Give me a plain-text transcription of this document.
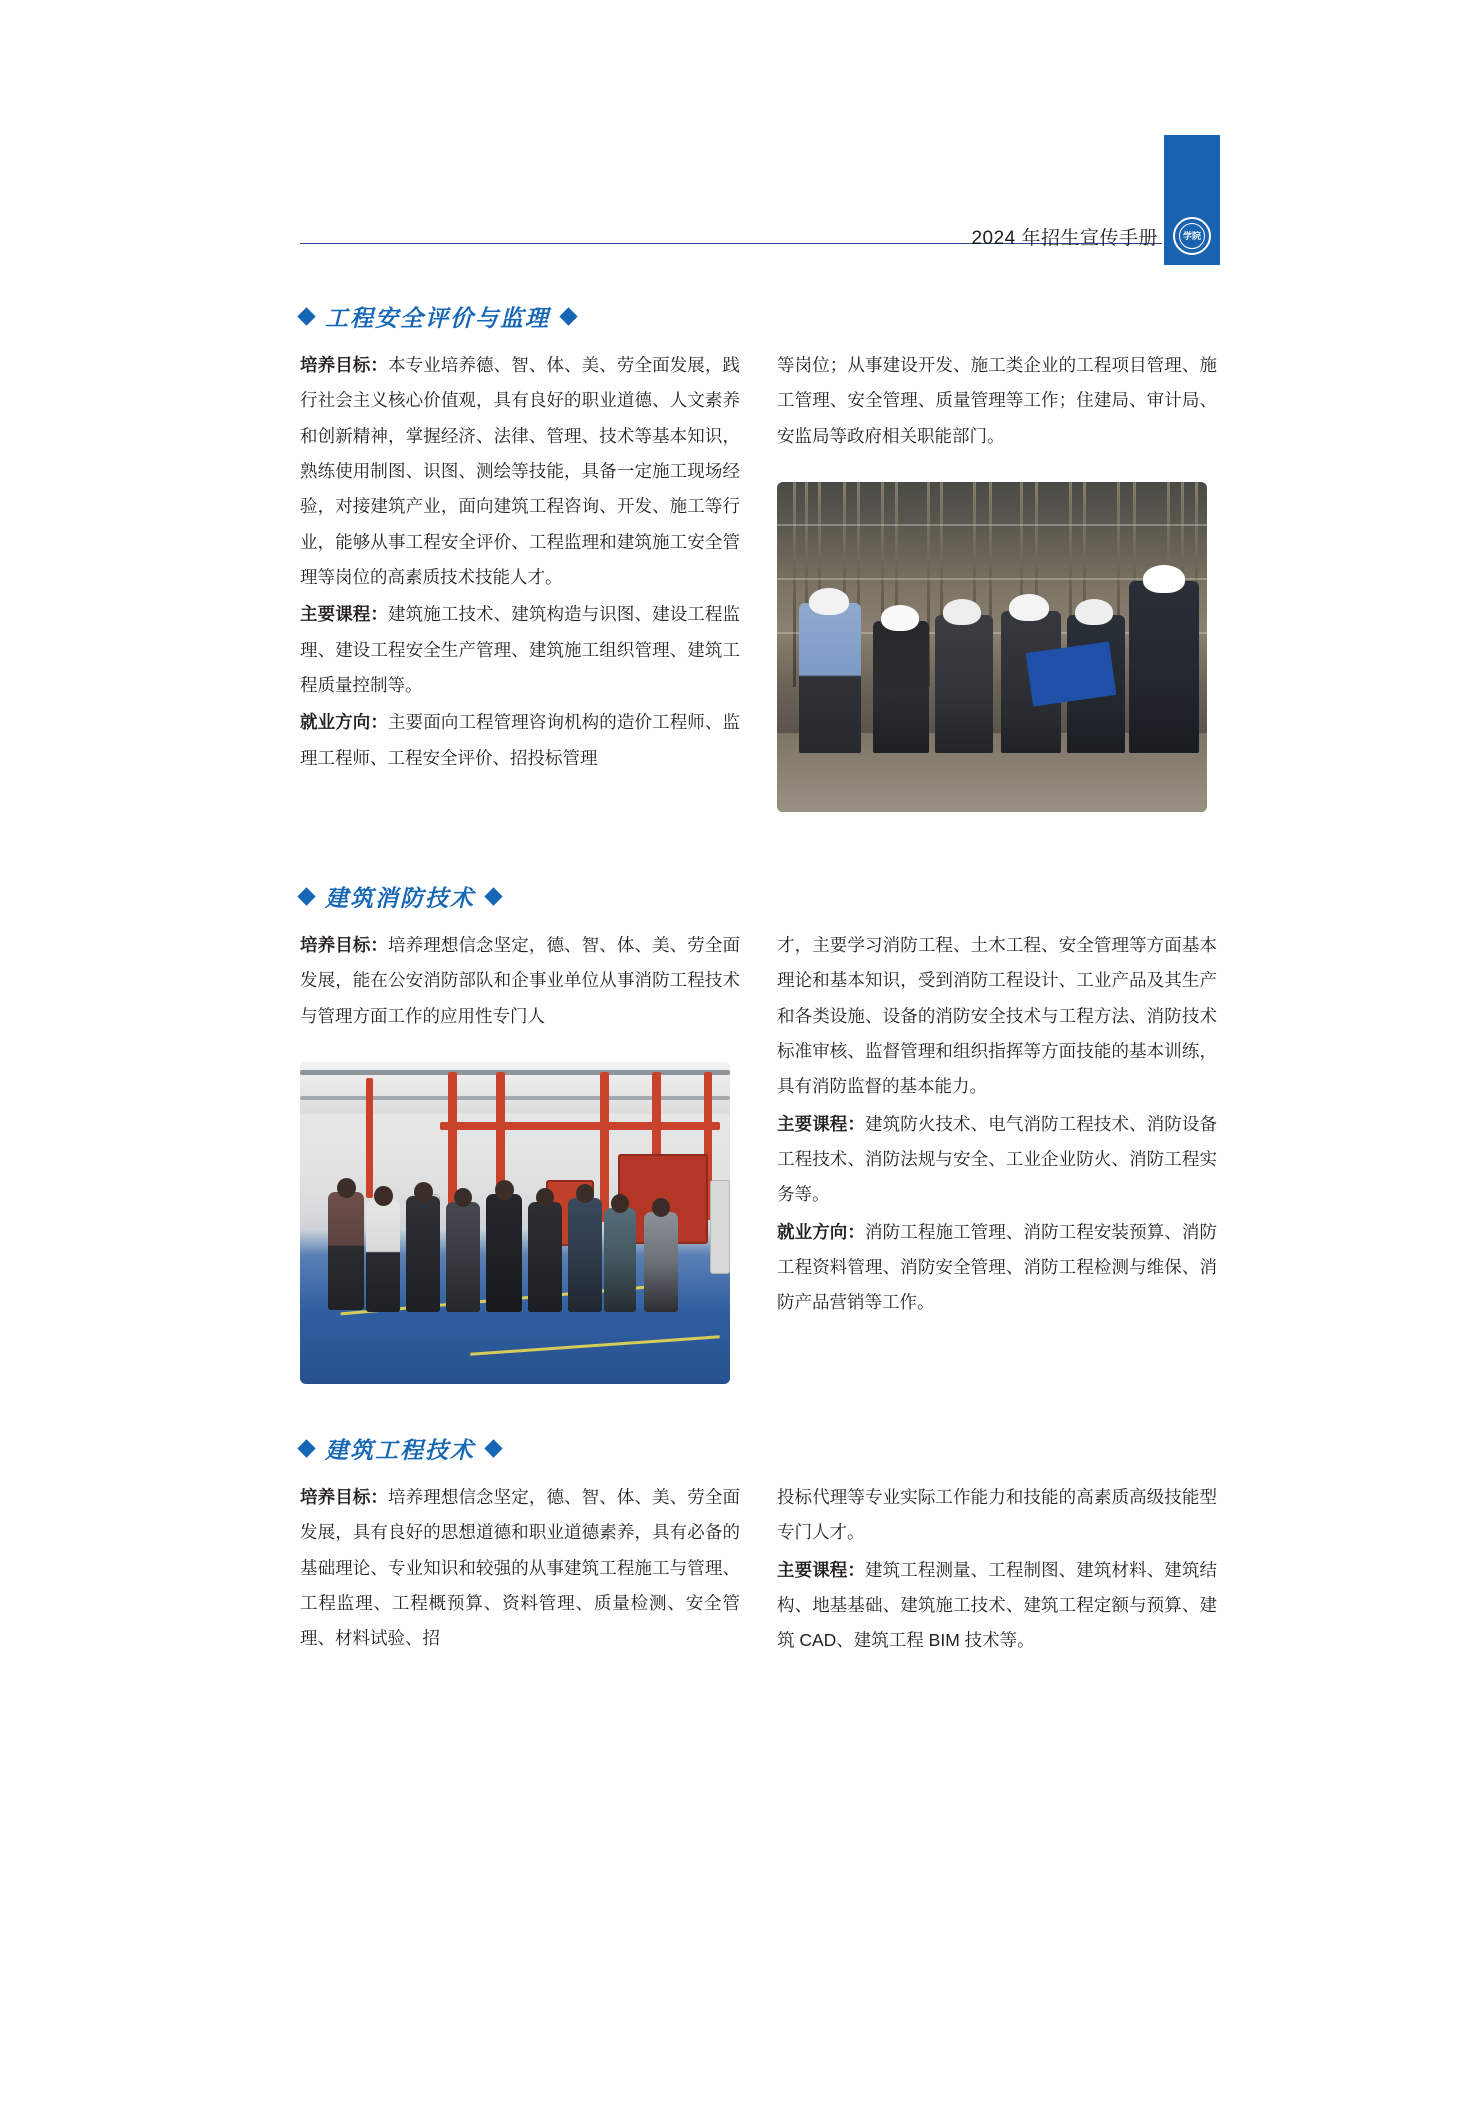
2024 年招生宣传手册	学院
工程安全评价与监理

培养目标：本专业培养德、智、体、美、劳全面发展，践行社会主义核心价值观，具有良好的职业道德、人文素养和创新精神，掌握经济、法律、管理、技术等基本知识，熟练使用制图、识图、测绘等技能，具备一定施工现场经验，对接建筑产业，面向建筑工程咨询、开发、施工等行业，能够从事工程安全评价、工程监理和建筑施工安全管理等岗位的高素质技术技能人才。

主要课程：建筑施工技术、建筑构造与识图、建设工程监理、建设工程安全生产管理、建筑施工组织管理、建筑工程质量控制等。

就业方向：主要面向工程管理咨询机构的造价工程师、监理工程师、工程安全评价、招投标管理

等岗位；从事建设开发、施工类企业的工程项目管理、施工管理、安全管理、质量管理等工作；住建局、审计局、安监局等政府相关职能部门。

建筑消防技术

培养目标：培养理想信念坚定，德、智、体、美、劳全面发展，能在公安消防部队和企事业单位从事消防工程技术与管理方面工作的应用性专门人

才，主要学习消防工程、土木工程、安全管理等方面基本理论和基本知识，受到消防工程设计、工业产品及其生产和各类设施、设备的消防安全技术与工程方法、消防技术标准审核、监督管理和组织指挥等方面技能的基本训练，具有消防监督的基本能力。

主要课程：建筑防火技术、电气消防工程技术、消防设备工程技术、消防法规与安全、工业企业防火、消防工程实务等。

就业方向：消防工程施工管理、消防工程安装预算、消防工程资料管理、消防安全管理、消防工程检测与维保、消防产品营销等工作。

建筑工程技术

培养目标：培养理想信念坚定，德、智、体、美、劳全面发展，具有良好的思想道德和职业道德素养，具有必备的基础理论、专业知识和较强的从事建筑工程施工与管理、工程监理、工程概预算、资料管理、质量检测、安全管理、材料试验、招

投标代理等专业实际工作能力和技能的高素质高级技能型专门人才。

主要课程：建筑工程测量、工程制图、建筑材料、建筑结构、地基基础、建筑施工技术、建筑工程定额与预算、建筑 CAD、建筑工程 BIM 技术等。
